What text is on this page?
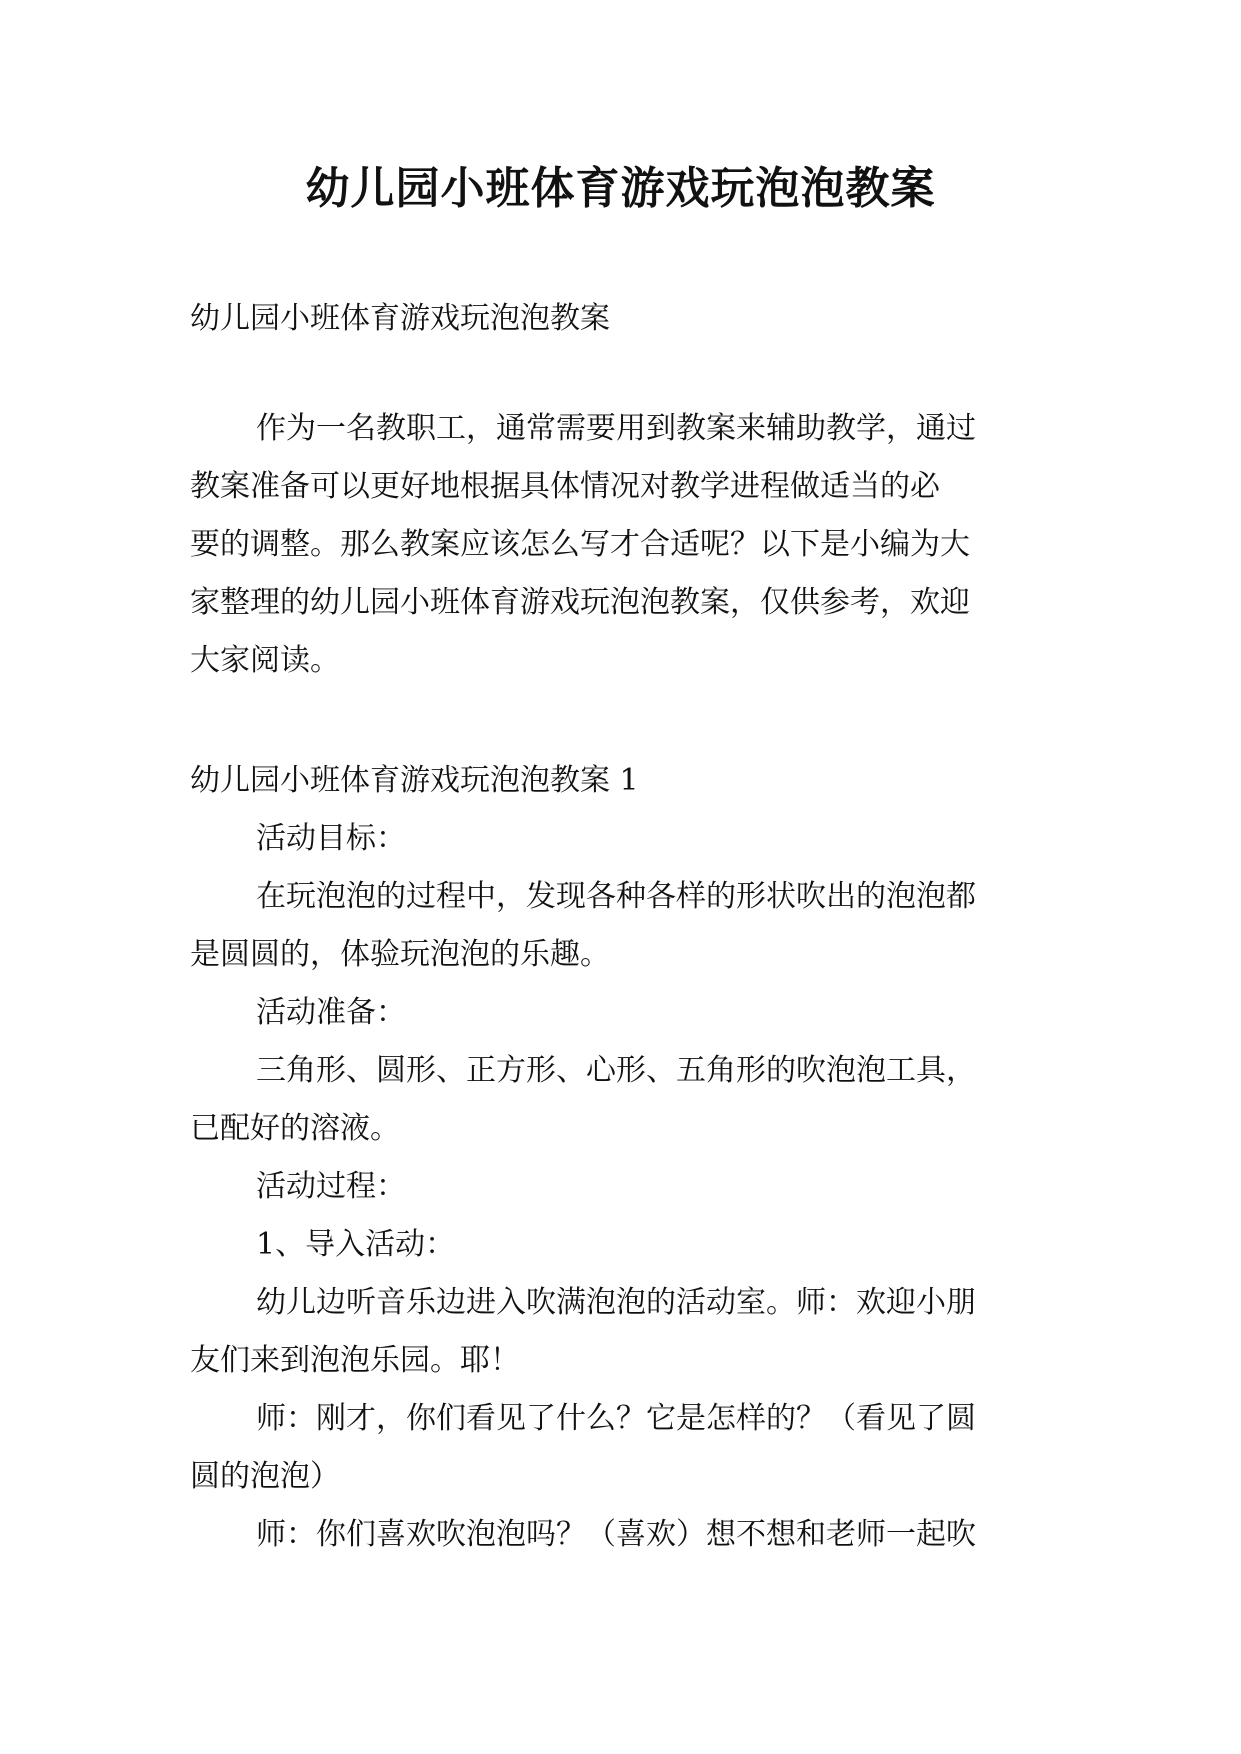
幼儿园小班体育游戏玩泡泡教案

幼儿园小班体育游戏玩泡泡教案

作为一名教职工，通常需要用到教案来辅助教学，通过

教案准备可以更好地根据具体情况对教学进程做适当的必

要的调整。那么教案应该怎么写才合适呢？以下是小编为大

家整理的幼儿园小班体育游戏玩泡泡教案，仅供参考，欢迎

大家阅读。

幼儿园小班体育游戏玩泡泡教案 1

活动目标：

在玩泡泡的过程中，发现各种各样的形状吹出的泡泡都

是圆圆的，体验玩泡泡的乐趣。

活动准备：

三角形、圆形、正方形、心形、五角形的吹泡泡工具，

已配好的溶液。

活动过程：

1、导入活动：

幼儿边听音乐边进入吹满泡泡的活动室。师：欢迎小朋

友们来到泡泡乐园。耶！

师：刚才，你们看见了什么？它是怎样的？（看见了圆

圆的泡泡）

师：你们喜欢吹泡泡吗？（喜欢）想不想和老师一起吹
